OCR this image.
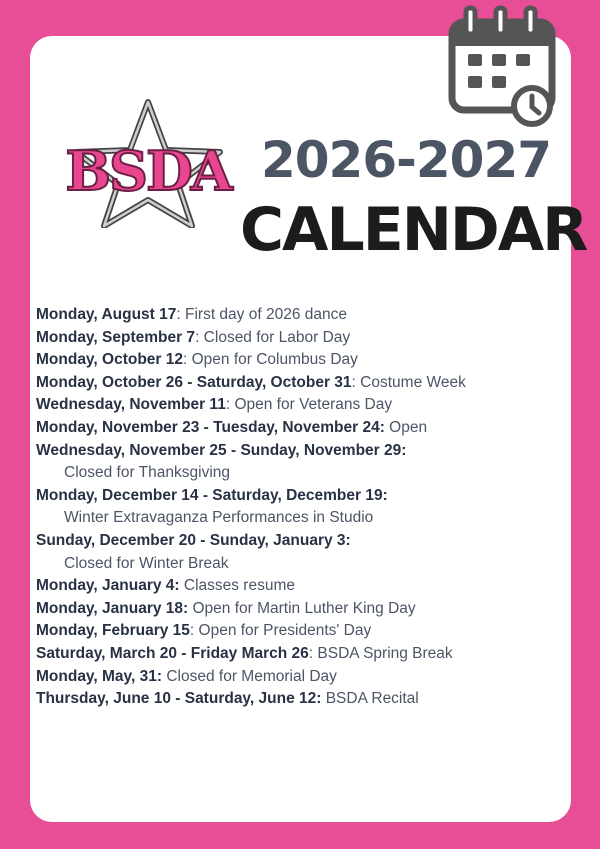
BSDA 2026-2027
CALENDAR
Monday, August 17: First day of 2026 dance
Monday, September 7: Closed for Labor Day
Monday, October 12: Open for Columbus Day
Monday, October 26 - Saturday, October 31: Costume Week
Wednesday, November 11: Open for Veterans Day
Monday, November 23 - Tuesday, November 24: Open
Wednesday, November 25 - Sunday, November 29:
Closed for Thanksgiving
Monday, December 14 - Saturday, December 19:
Winter Extravaganza Performances in Studio
Sunday, December 20 - Sunday, January 3:
Closed for Winter Break
Monday, January 4: Classes resume
Monday, January 18: Open for Martin Luther King Day
Monday, February 15: Open for Presidents' Day
Saturday, March 20 - Friday March 26: BSDA Spring Break
Monday, May, 31: Closed for Memorial Day
Thursday, June 10 - Saturday, June 12: BSDA Recital
